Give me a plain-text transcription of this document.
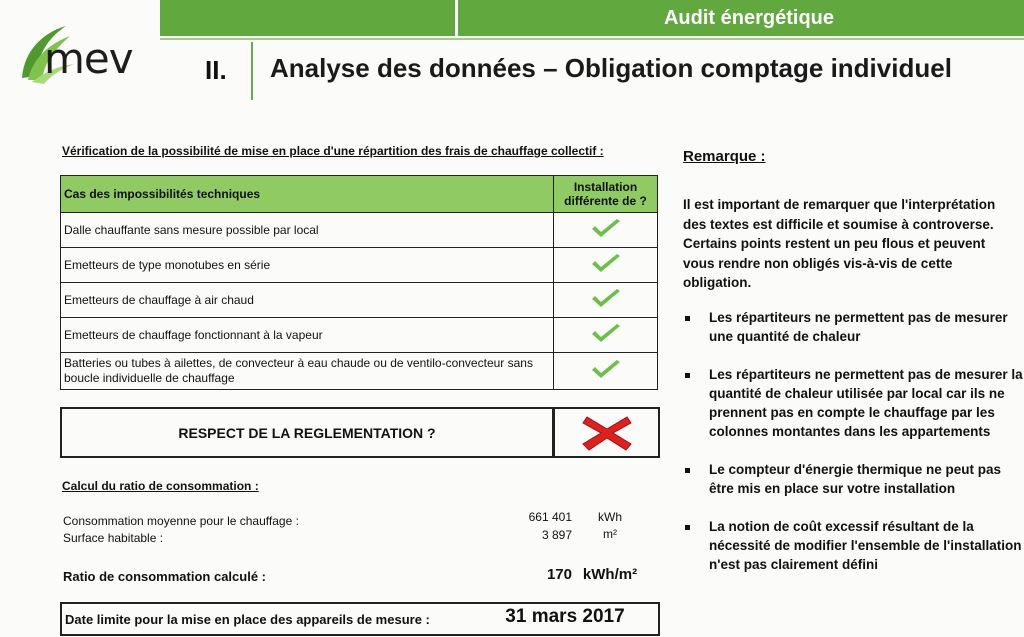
Audit énergétique
mev	II. Analyse des données – Obligation comptage individuel
Vérification de la possibilité de mise en place d'une répartition des frais de chauffage collectif :
Cas des impossibilités techniques	Installation différente de ?
Dalle chauffante sans mesure possible par local	
Emetteurs de type monotubes en série	
Emetteurs de chauffage à air chaud	
Emetteurs de chauffage fonctionnant à la vapeur	
Batteries ou tubes à ailettes, de convecteur à eau chaude ou de ventilo-convecteur sans boucle individuelle de chauffage	
RESPECT DE LA REGLEMENTATION ?
Calcul du ratio de consommation :
Consommation moyenne pour le chauffage :	661 401	kWh
Surface habitable :	3 897	m²
Ratio de consommation calculé :	170 kWh/m²
Date limite pour la mise en place des appareils de mesure :	31 mars 2017
Remarque :
Il est important de remarquer que l'interprétation des textes est difficile et soumise à controverse. Certains points restent un peu flous et peuvent vous rendre non obligés vis-à-vis de cette obligation.
Les répartiteurs ne permettent pas de mesurer une quantité de chaleur
Les répartiteurs ne permettent pas de mesurer la quantité de chaleur utilisée par local car ils ne prennent pas en compte le chauffage par les colonnes montantes dans les appartements
Le compteur d'énergie thermique ne peut pas être mis en place sur votre installation
La notion de coût excessif résultant de la nécessité de modifier l'ensemble de l'installation n'est pas clairement défini
